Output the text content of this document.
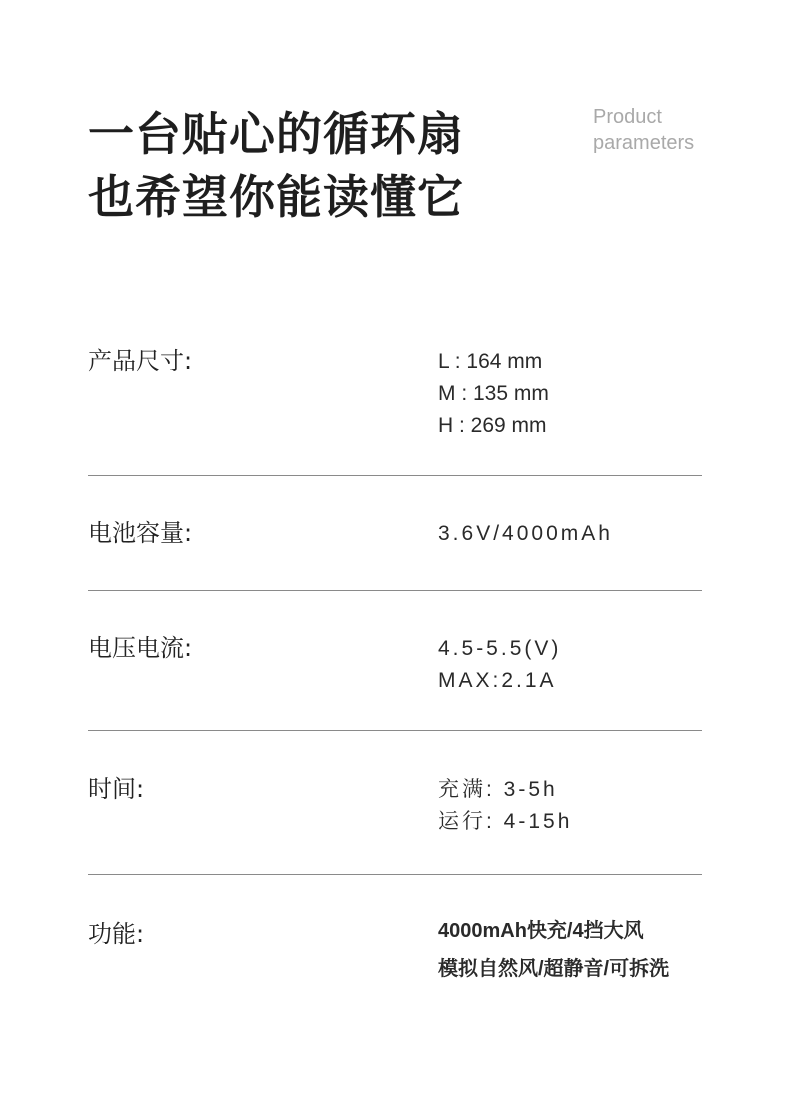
一台贴心的循环扇
也希望你能读懂它
Product
parameters
产品尺寸:	L : 164 mm
M : 135 mm
H : 269 mm
电池容量:	3.6V/4000mAh
电压电流:	4.5-5.5(V)
MAX:2.1A
时间:	充满: 3-5h
运行: 4-15h
功能:	4000mAh快充/4挡大风
模拟自然风/超静音/可拆洗
